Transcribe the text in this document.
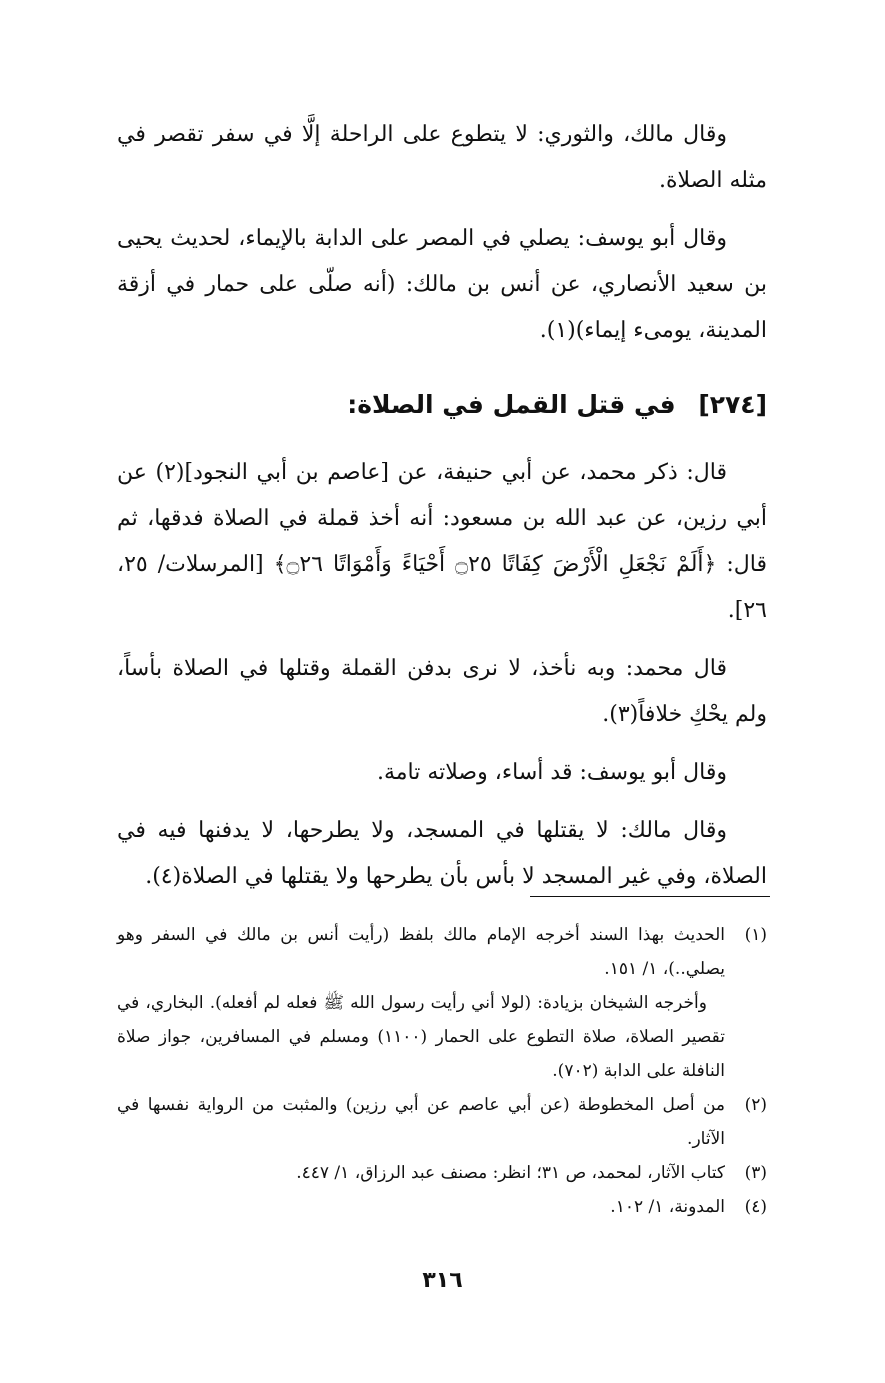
وقال مالك، والثوري: لا يتطوع على الراحلة إلَّا في سفر تقصر في مثله الصلاة.

وقال أبو يوسف: يصلي في المصر على الدابة بالإيماء، لحديث يحيى بن سعيد الأنصاري، عن أنس بن مالك: (أنه صلّى على حمار في أزقة المدينة، يومىء إيماء)(١).

[٢٧٤] في قتل القمل في الصلاة:

قال: ذكر محمد، عن أبي حنيفة، عن [عاصم بن أبي النجود](٢) عن أبي رزين، عن عبد الله بن مسعود: أنه أخذ قملة في الصلاة فدقها، ثم قال: ﴿أَلَمْ نَجْعَلِ الْأَرْضَ كِفَاتًا ۝٢٥ أَحْيَاءً وَأَمْوَاتًا ۝٢٦﴾ [المرسلات/ ٢٥، ٢٦].

قال محمد: وبه نأخذ، لا نرى بدفن القملة وقتلها في الصلاة بأساً، ولم يحْكِ خلافاً(٣).

وقال أبو يوسف: قد أساء، وصلاته تامة.

وقال مالك: لا يقتلها في المسجد، ولا يطرحها، لا يدفنها فيه في الصلاة، وفي غير المسجد لا بأس بأن يطرحها ولا يقتلها في الصلاة(٤).

(١)
الحديث بهذا السند أخرجه الإمام مالك بلفظ (رأيت أنس بن مالك في السفر وهو يصلي..)، ١/ ١٥١.
وأخرجه الشيخان بزيادة: (لولا أني رأيت رسول الله ﷺ فعله لم أفعله). البخاري، في تقصير الصلاة، صلاة التطوع على الحمار (١١٠٠) ومسلم في المسافرين، جواز صلاة النافلة على الدابة (٧٠٢).
(٢)
من أصل المخطوطة (عن أبي عاصم عن أبي رزين) والمثبت من الرواية نفسها في الآثار.
(٣)
كتاب الآثار، لمحمد، ص ٣١؛ انظر: مصنف عبد الرزاق، ١/ ٤٤٧.
(٤)
المدونة، ١/ ١٠٢.
٣١٦
